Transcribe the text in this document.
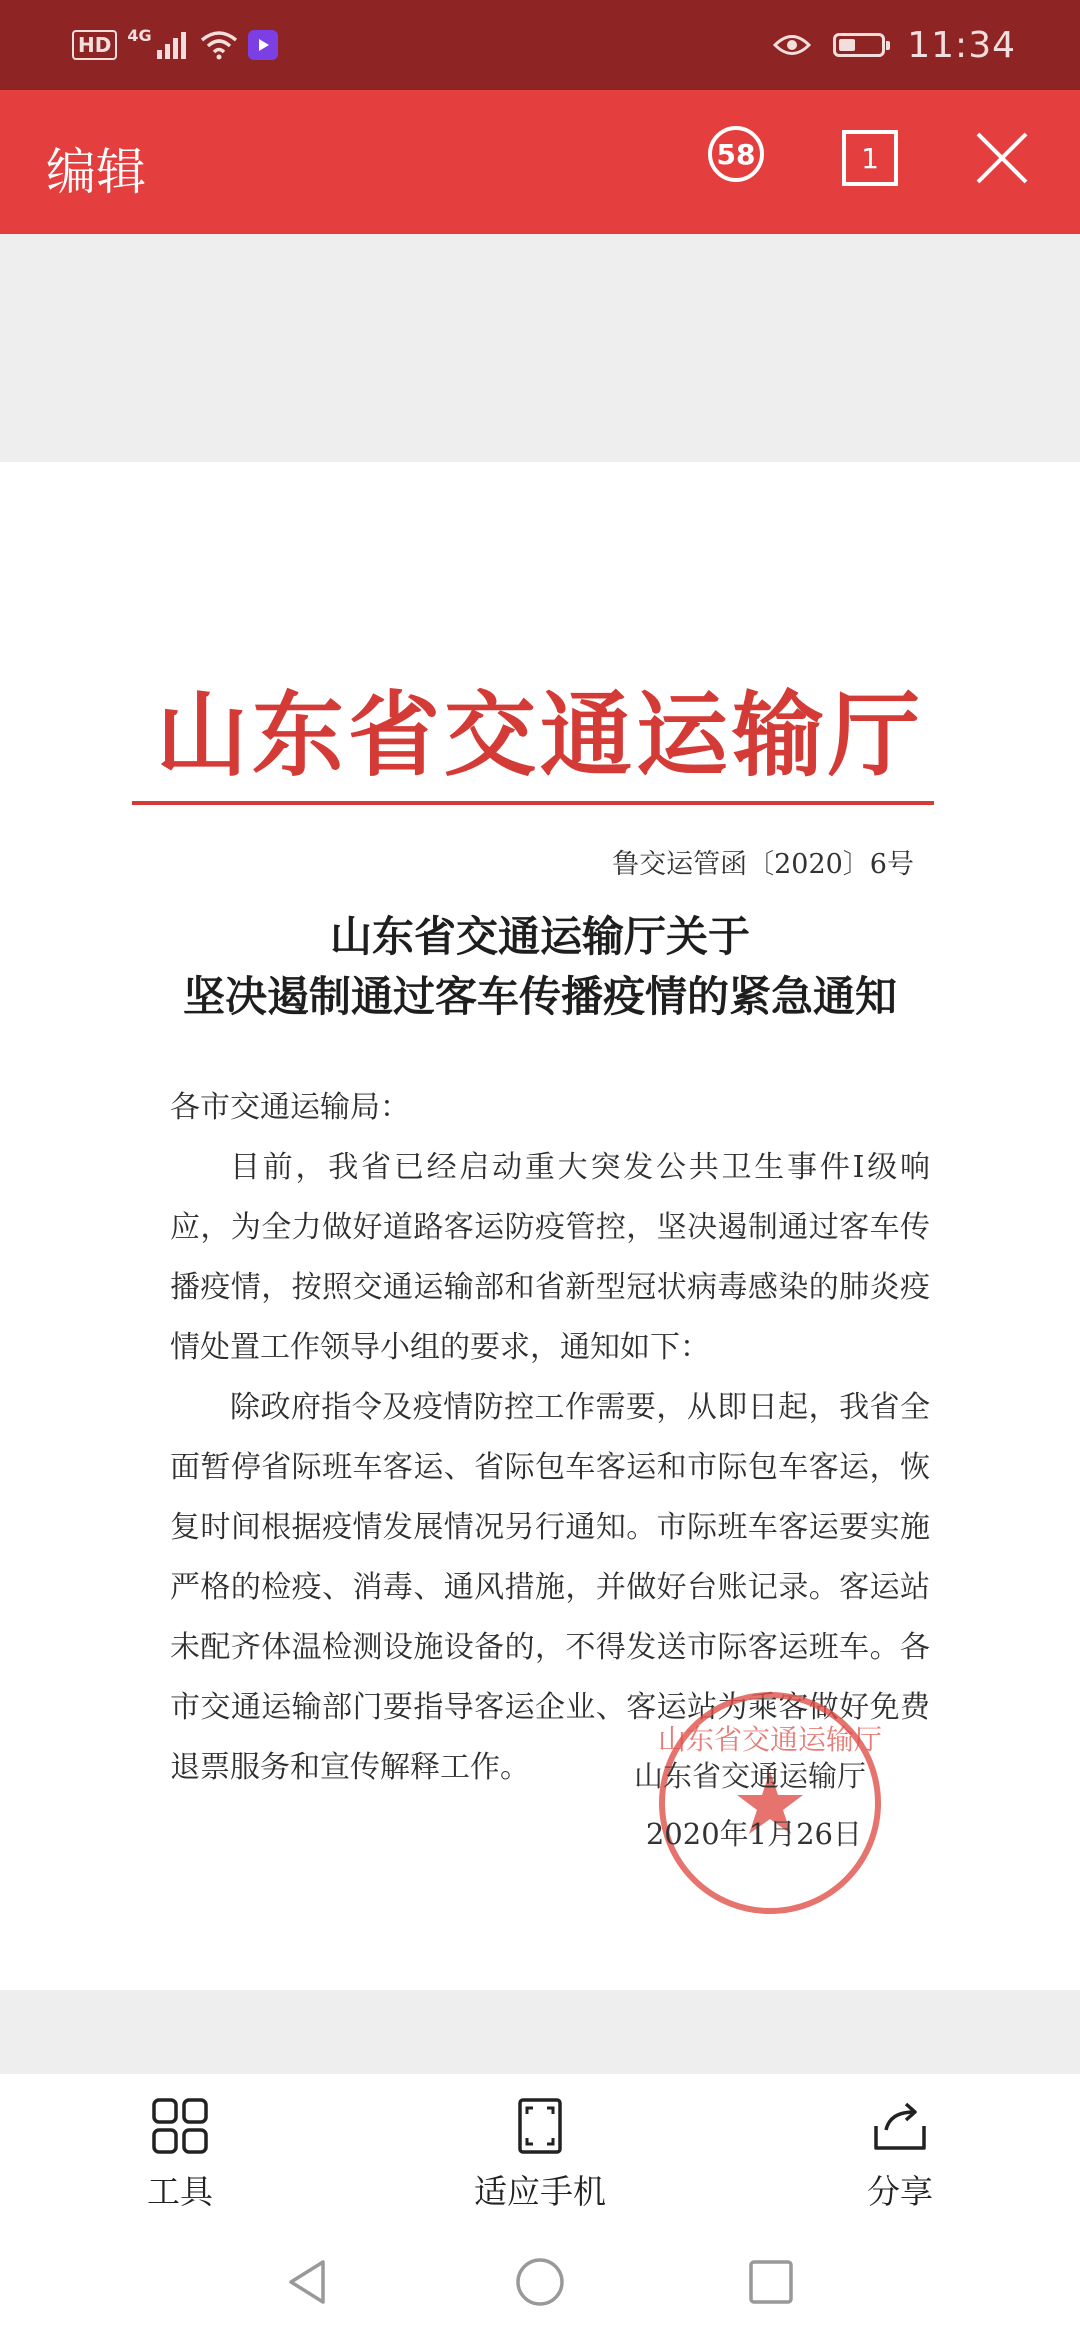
HD	4G	11:34
编辑	58	1
山东省交通运输厅
鲁交运管函〔2020〕6号
山东省交通运输厅关于
坚决遏制通过客车传播疫情的紧急通知

各市交通运输局：

目前，我省已经启动重大突发公共卫生事件Ⅰ级响应，为全力做好道路客运防疫管控，坚决遏制通过客车传播疫情，按照交通运输部和省新型冠状病毒感染的肺炎疫情处置工作领导小组的要求，通知如下：

除政府指令及疫情防控工作需要，从即日起，我省全面暂停省际班车客运、省际包车客运和市际包车客运，恢复时间根据疫情发展情况另行通知。市际班车客运要实施严格的检疫、消毒、通风措施，并做好台账记录。客运站未配齐体温检测设施设备的，不得发送市际客运班车。各市交通运输部门要指导客运企业、客运站为乘客做好免费退票服务和宣传解释工作。

山东省交通运输厅
山东省交通运输厅
2020年1月26日
工具	适应手机	分享
